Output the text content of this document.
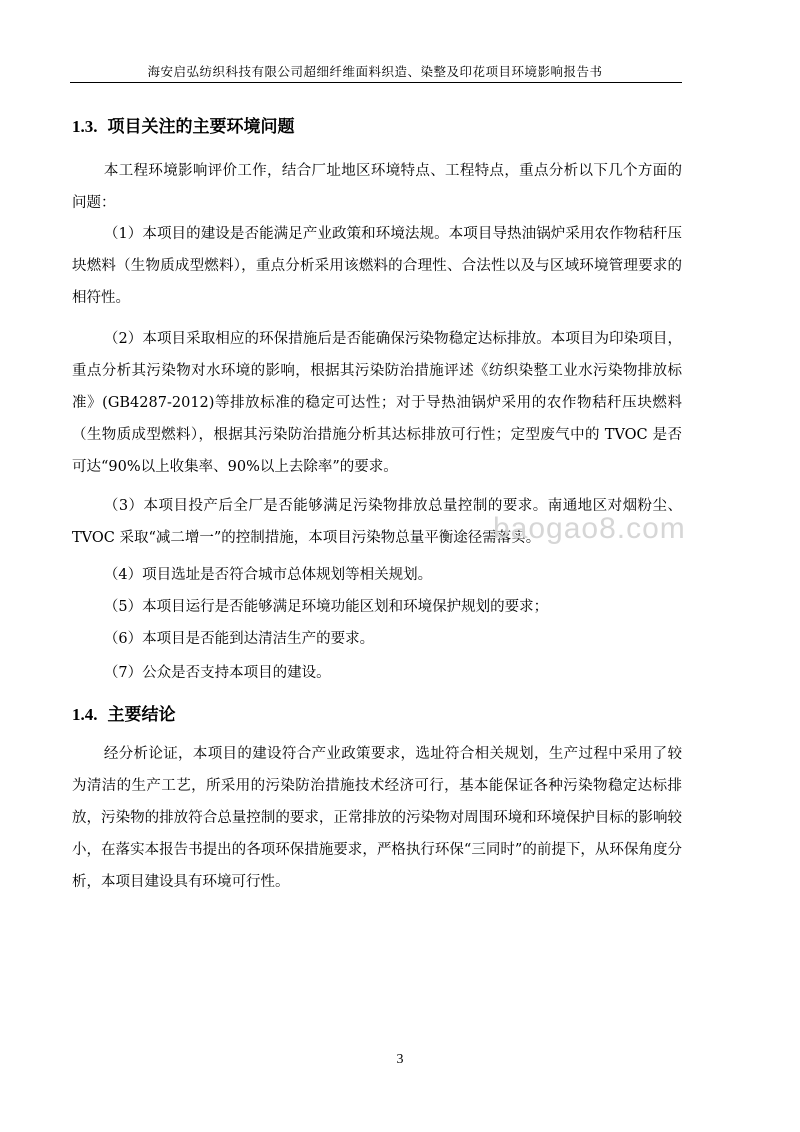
海安启弘纺织科技有限公司超细纤维面料织造、染整及印花项目环境影响报告书
1.3. 项目关注的主要环境问题

本工程环境影响评价工作，结合厂址地区环境特点、工程特点，重点分析以下几个方面的问题：

（1）本项目的建设是否能满足产业政策和环境法规。本项目导热油锅炉采用农作物秸秆压块燃料（生物质成型燃料），重点分析采用该燃料的合理性、合法性以及与区域环境管理要求的相符性。

（2）本项目采取相应的环保措施后是否能确保污染物稳定达标排放。本项目为印染项目，重点分析其污染物对水环境的影响，根据其污染防治措施评述《纺织染整工业水污染物排放标准》(GB4287-2012)等排放标准的稳定可达性；对于导热油锅炉采用的农作物秸秆压块燃料（生物质成型燃料），根据其污染防治措施分析其达标排放可行性；定型废气中的 TVOC 是否可达“90%以上收集率、90%以上去除率”的要求。

（3）本项目投产后全厂是否能够满足污染物排放总量控制的要求。南通地区对烟粉尘、TVOC 采取“减二增一”的控制措施，本项目污染物总量平衡途径需落实。

（4）项目选址是否符合城市总体规划等相关规划。

（5）本项目运行是否能够满足环境功能区划和环境保护规划的要求；

（6）本项目是否能到达清洁生产的要求。

（7）公众是否支持本项目的建设。

1.4. 主要结论

经分析论证，本项目的建设符合产业政策要求，选址符合相关规划，生产过程中采用了较为清洁的生产工艺，所采用的污染防治措施技术经济可行，基本能保证各种污染物稳定达标排放，污染物的排放符合总量控制的要求，正常排放的污染物对周围环境和环境保护目标的影响较小，在落实本报告书提出的各项环保措施要求，严格执行环保“三同时”的前提下，从环保角度分析，本项目建设具有环境可行性。

baogao8.com
3
